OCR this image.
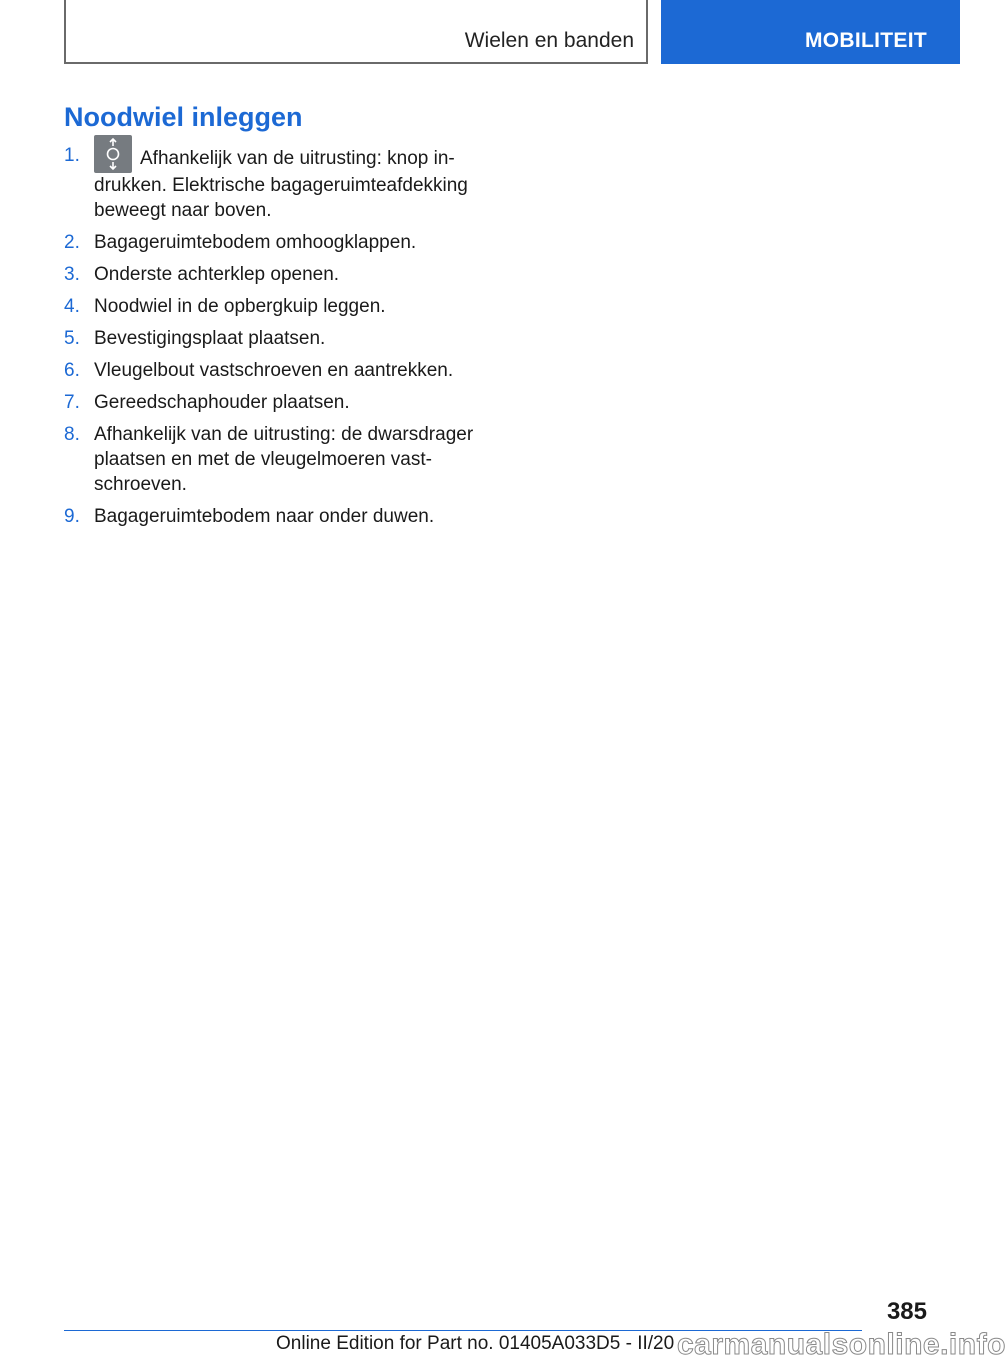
Wielen en banden	MOBILITEIT
Noodwiel inleggen
1.	Afhankelijk van de uitrusting: knop in-drukken. Elektrische bagageruimteafdekking beweegt naar boven.
2. Bagageruimtebodem omhoogklappen.
3. Onderste achterklep openen.
4. Noodwiel in de opbergkuip leggen.
5. Bevestigingsplaat plaatsen.
6. Vleugelbout vastschroeven en aantrekken.
7. Gereedschaphouder plaatsen.
8. Afhankelijk van de uitrusting: de dwarsdrager plaatsen en met de vleugelmoeren vast-schroeven.
9. Bagageruimtebodem naar onder duwen.
385
Online Edition for Part no. 01405A033D5 - II/20 carmanualsonline.info
